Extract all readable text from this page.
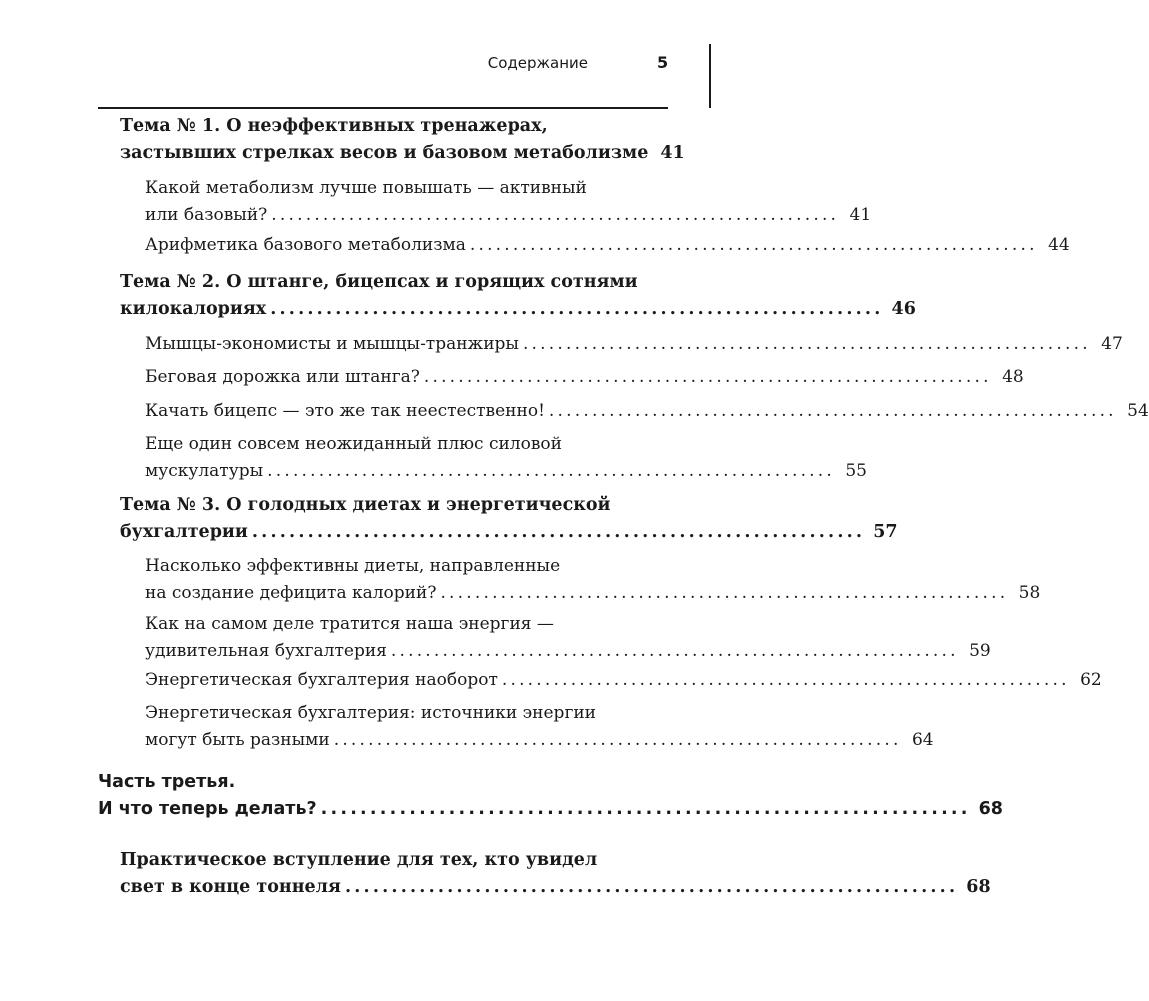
Содержание	5
Тема № 1. О неэффективных тренажерах,
застывших стрелках весов и базовом метаболизме 41
Какой метаболизм лучше повышать — активный
или базовый? .................................................................. 41
Арифметика базового метаболизма .................................................................. 44
Тема № 2. О штанге, бицепсах и горящих сотнями
килокалориях .................................................................. 46
Мышцы-экономисты и мышцы-транжиры .................................................................. 47
Беговая дорожка или штанга? .................................................................. 48
Качать бицепс — это же так неестественно! .................................................................. 54
Еще один совсем неожиданный плюс силовой
мускулатуры .................................................................. 55
Тема № 3. О голодных диетах и энергетической
бухгалтерии .................................................................. 57
Насколько эффективны диеты, направленные
на создание дефицита калорий? .................................................................. 58
Как на самом деле тратится наша энергия —
удивительная бухгалтерия .................................................................. 59
Энергетическая бухгалтерия наоборот .................................................................. 62
Энергетическая бухгалтерия: источники энергии
могут быть разными .................................................................. 64
Часть третья.
И что теперь делать? .................................................................. 68
Практическое вступление для тех, кто увидел
свет в конце тоннеля .................................................................. 68
